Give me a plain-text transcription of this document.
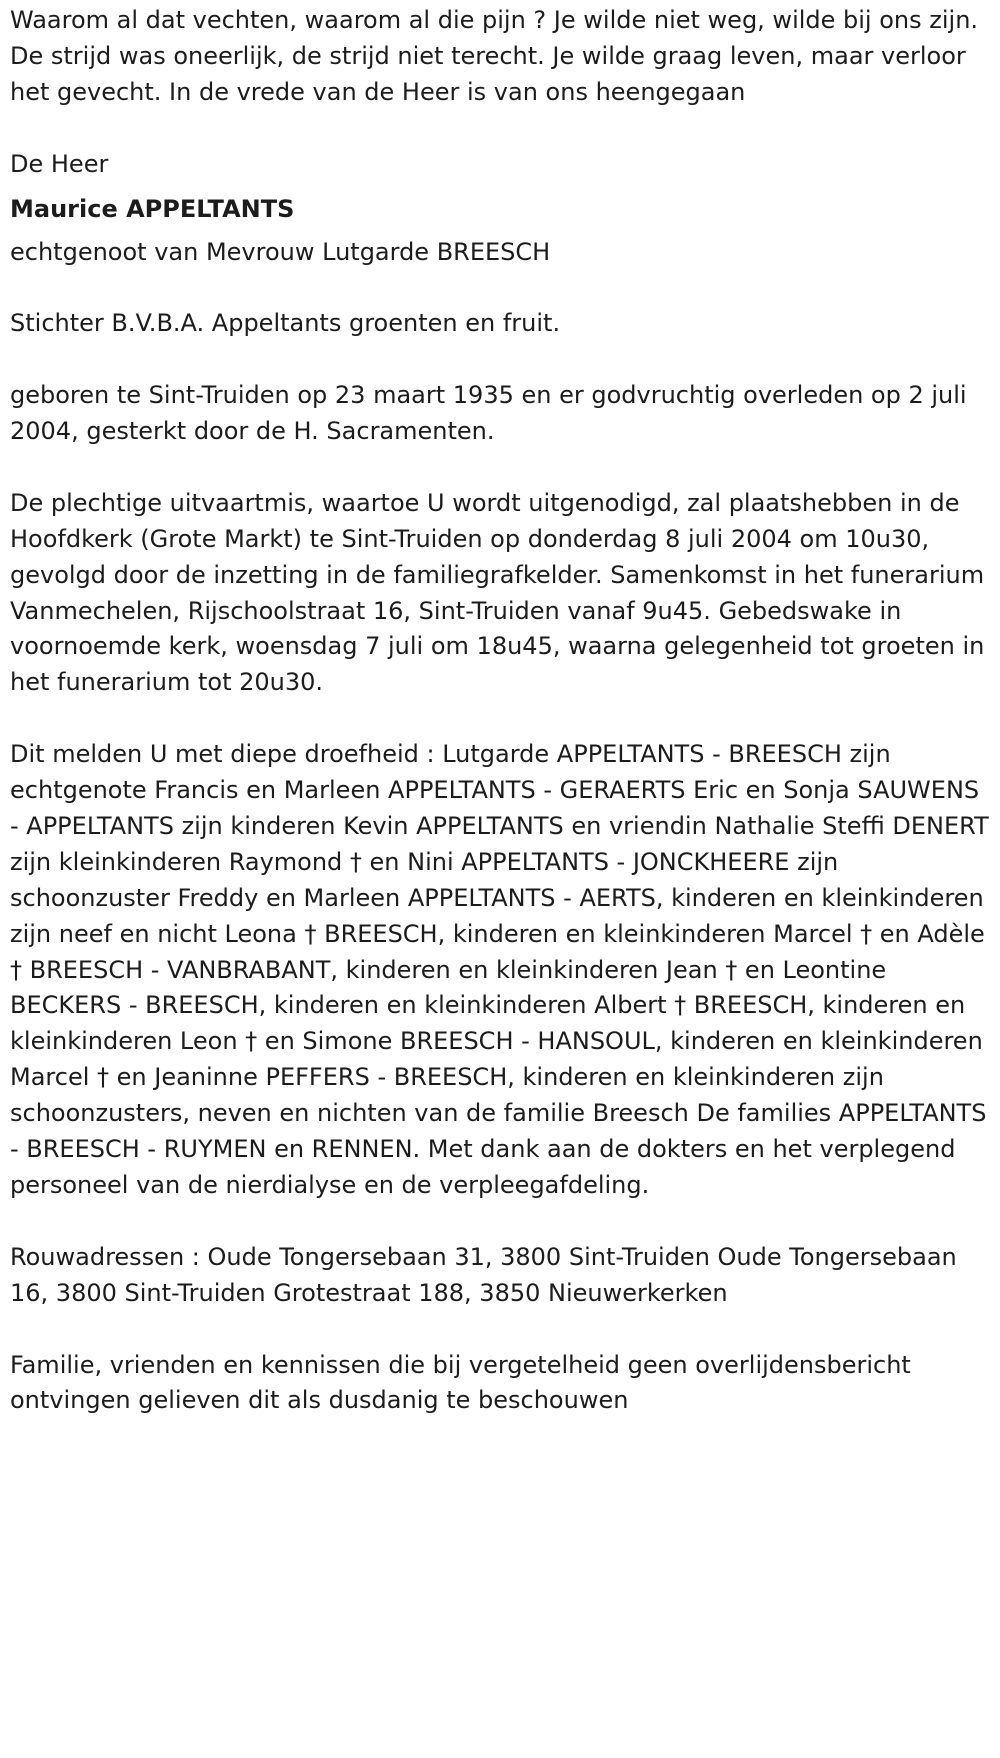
Waarom al dat vechten, waarom al die pijn ? Je wilde niet weg, wilde bij ons zijn. De strijd was oneerlijk, de strijd niet terecht. Je wilde graag leven, maar verloor het gevecht. In de vrede van de Heer is van ons heengegaan

De Heer

Maurice APPELTANTS

echtgenoot van Mevrouw Lutgarde BREESCH

Stichter B.V.B.A. Appeltants groenten en fruit.

geboren te Sint-Truiden op 23 maart 1935 en er godvruchtig overleden op 2 juli 2004, gesterkt door de H. Sacramenten.

De plechtige uitvaartmis, waartoe U wordt uitgenodigd, zal plaatshebben in de Hoofdkerk (Grote Markt) te Sint-Truiden op donderdag 8 juli 2004 om 10u30, gevolgd door de inzetting in de familiegrafkelder. Samenkomst in het funerarium Vanmechelen, Rijschoolstraat 16, Sint-Truiden vanaf 9u45. Gebedswake in voornoemde kerk, woensdag 7 juli om 18u45, waarna gelegenheid tot groeten in het funerarium tot 20u30.

Dit melden U met diepe droefheid : Lutgarde APPELTANTS - BREESCH zijn echtgenote Francis en Marleen APPELTANTS - GERAERTS Eric en Sonja SAUWENS - APPELTANTS zijn kinderen Kevin APPELTANTS en vriendin Nathalie Steffi DENERT zijn kleinkinderen Raymond † en Nini APPELTANTS - JONCKHEERE zijn schoonzuster Freddy en Marleen APPELTANTS - AERTS, kinderen en kleinkinderen zijn neef en nicht Leona † BREESCH, kinderen en kleinkinderen Marcel † en Adèle † BREESCH - VANBRABANT, kinderen en kleinkinderen Jean † en Leontine BECKERS - BREESCH, kinderen en kleinkinderen Albert † BREESCH, kinderen en kleinkinderen Leon † en Simone BREESCH - HANSOUL, kinderen en kleinkinderen Marcel † en Jeaninne PEFFERS - BREESCH, kinderen en kleinkinderen zijn schoonzusters, neven en nichten van de familie Breesch De families APPELTANTS - BREESCH - RUYMEN en RENNEN. Met dank aan de dokters en het verplegend personeel van de nierdialyse en de verpleegafdeling.

Rouwadressen : Oude Tongersebaan 31, 3800 Sint-Truiden Oude Tongersebaan 16, 3800 Sint-Truiden Grotestraat 188, 3850 Nieuwerkerken

Familie, vrienden en kennissen die bij vergetelheid geen overlijdensbericht ontvingen gelieven dit als dusdanig te beschouwen
